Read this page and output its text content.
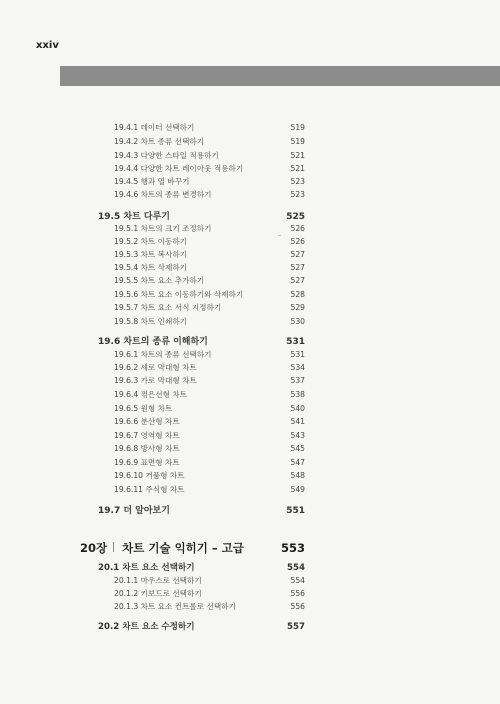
xxiv
19.4.1 데이터 선택하기	519
19.4.2 차트 종류 선택하기	519
19.4.3 다양한 스타일 적용하기	521
19.4.4 다양한 차트 레이아웃 적용하기	521
19.4.5 행과 열 바꾸기	523
19.4.6 차트의 종류 변경하기	523
19.5 차트 다루기	525
19.5.1 차트의 크기 조정하기	526
19.5.2 차트 이동하기	526
19.5.3 차트 복사하기	527
19.5.4 차트 삭제하기	527
19.5.5 차트 요소 추가하기	527
19.5.6 차트 요소 이동하기와 삭제하기	528
19.5.7 차트 요소 서식 지정하기	529
19.5.8 차트 인쇄하기	530
19.6 차트의 종류 이해하기	531
19.6.1 차트의 종류 선택하기	531
19.6.2 세로 막대형 차트	534
19.6.3 가로 막대형 차트	537
19.6.4 꺾은선형 차트	538
19.6.5 원형 차트	540
19.6.6 분산형 차트	541
19.6.7 영역형 차트	543
19.6.8 방사형 차트	545
19.6.9 표면형 차트	547
19.6.10 거품형 차트	548
19.6.11 주식형 차트	549
19.7 더 알아보기	551
20장 차트 기술 익히기 – 고급	553
20.1 차트 요소 선택하기	554
20.1.1 마우스로 선택하기	554
20.1.2 키보드로 선택하기	556
20.1.3 차트 요소 컨트롤로 선택하기	556
20.2 차트 요소 수정하기	557
